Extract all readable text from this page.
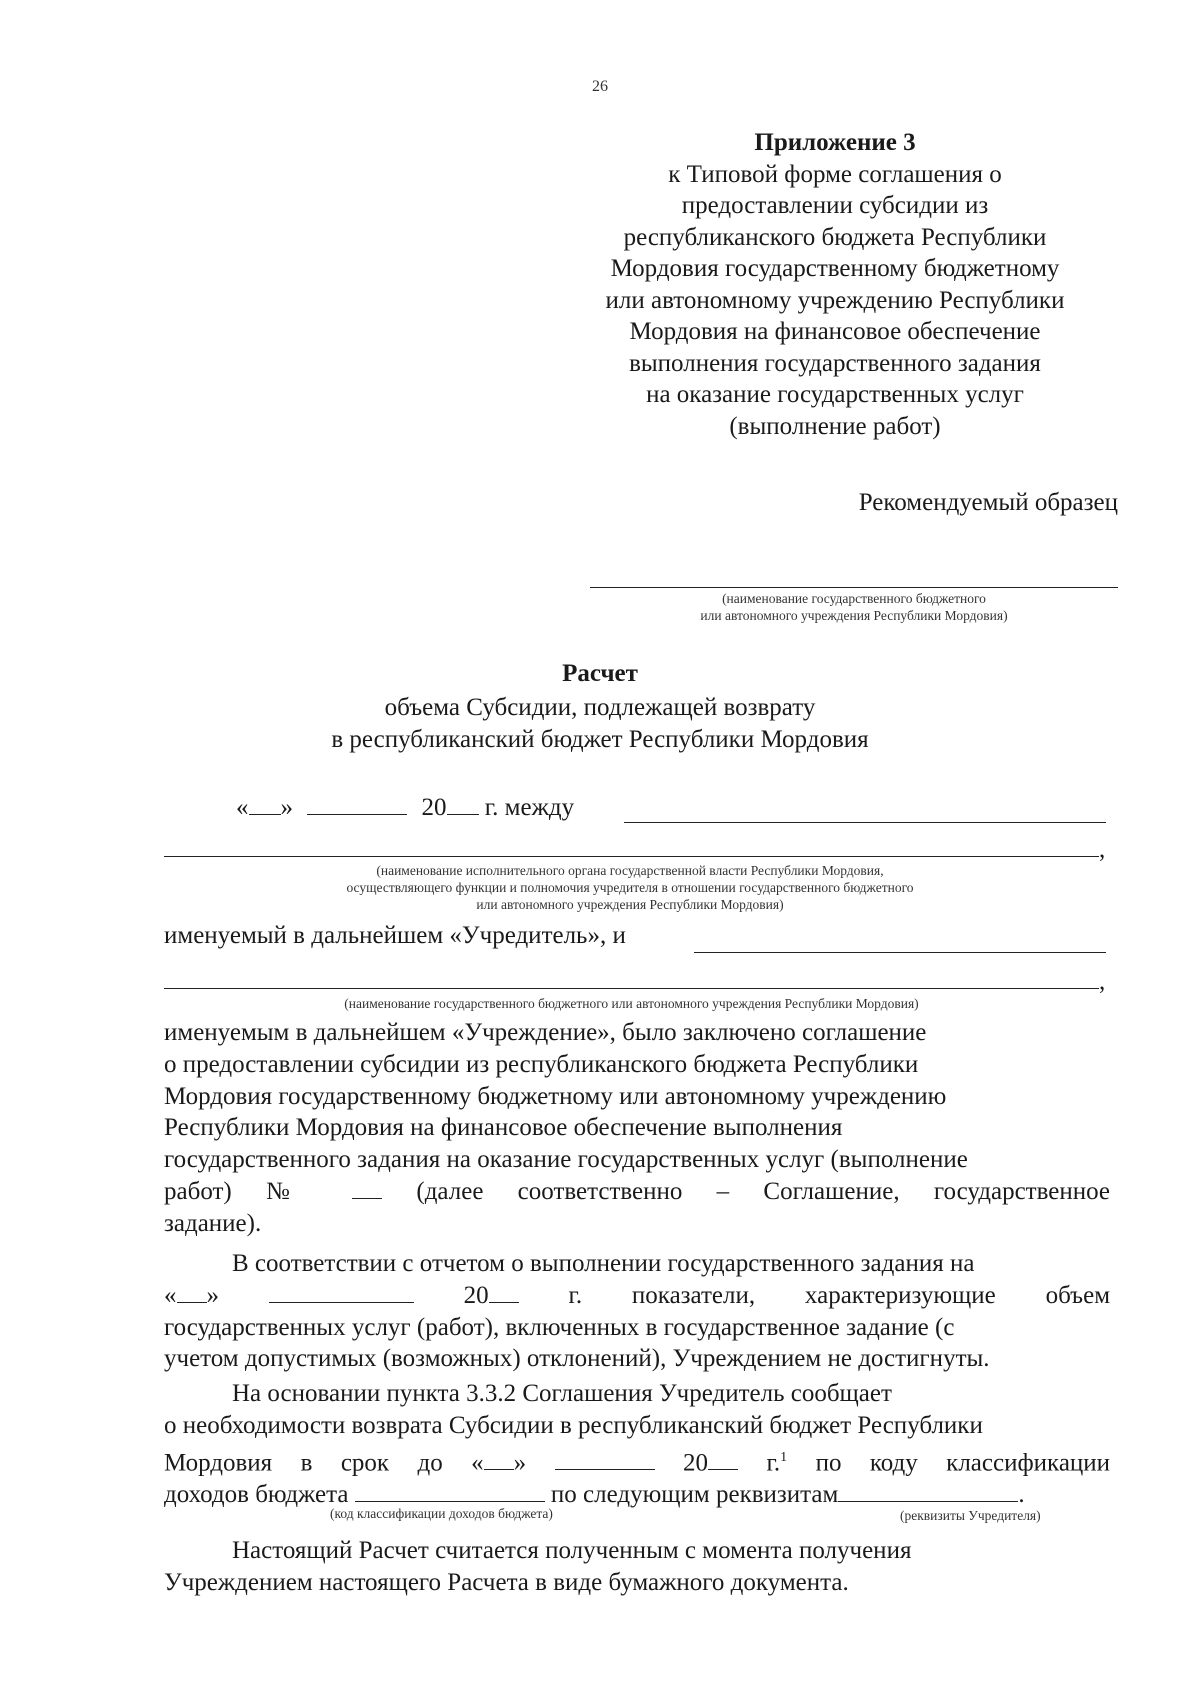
26
Приложение 3
к Типовой форме соглашения о
предоставлении субсидии из
республиканского бюджета Республики
Мордовия государственному бюджетному
или автономному учреждению Республики
Мордовия на финансовое обеспечение
выполнения государственного задания
на оказание государственных услуг
(выполнение работ)
Рекомендуемый образец
(наименование государственного бюджетного
или автономного учреждения Республики Мордовия)
Расчет
объема Субсидии, подлежащей возврату
в республиканский бюджет Республики Мордовия
« »	20 г. между
,
(наименование исполнительного органа государственной власти Республики Мордовия,
осуществляющего функции и полномочия учредителя в отношении государственного бюджетного
или автономного учреждения Республики Мордовия)
именуемый в дальнейшем «Учредитель», и
,
(наименование государственного бюджетного или автономного учреждения Республики Мордовия)
именуемым в дальнейшем «Учреждение», было заключено соглашение
о предоставлении субсидии из республиканского бюджета Республики
Мордовия государственному бюджетному или автономному учреждению
Республики Мордовия на финансовое обеспечение выполнения
государственного задания на оказание государственных услуг (выполнение
работ) №	(далее соответственно – Соглашение, государственное
задание).
В соответствии с отчетом о выполнении государственного задания на
« »	20	г. показатели, характеризующие объем
государственных услуг (работ), включенных в государственное задание (с
учетом допустимых (возможных) отклонений), Учреждением не достигнуты.
На основании пункта 3.3.2 Соглашения Учредитель сообщает
о необходимости возврата Субсидии в республиканский бюджет Республики
Мордовия в срок до « »	20 г.$^1$ по коду классификации
доходов бюджета	по следующим реквизитам	.
(код классификации доходов бюджета)	(реквизиты Учредителя)
Настоящий Расчет считается полученным с момента получения
Учреждением настоящего Расчета в виде бумажного документа.
